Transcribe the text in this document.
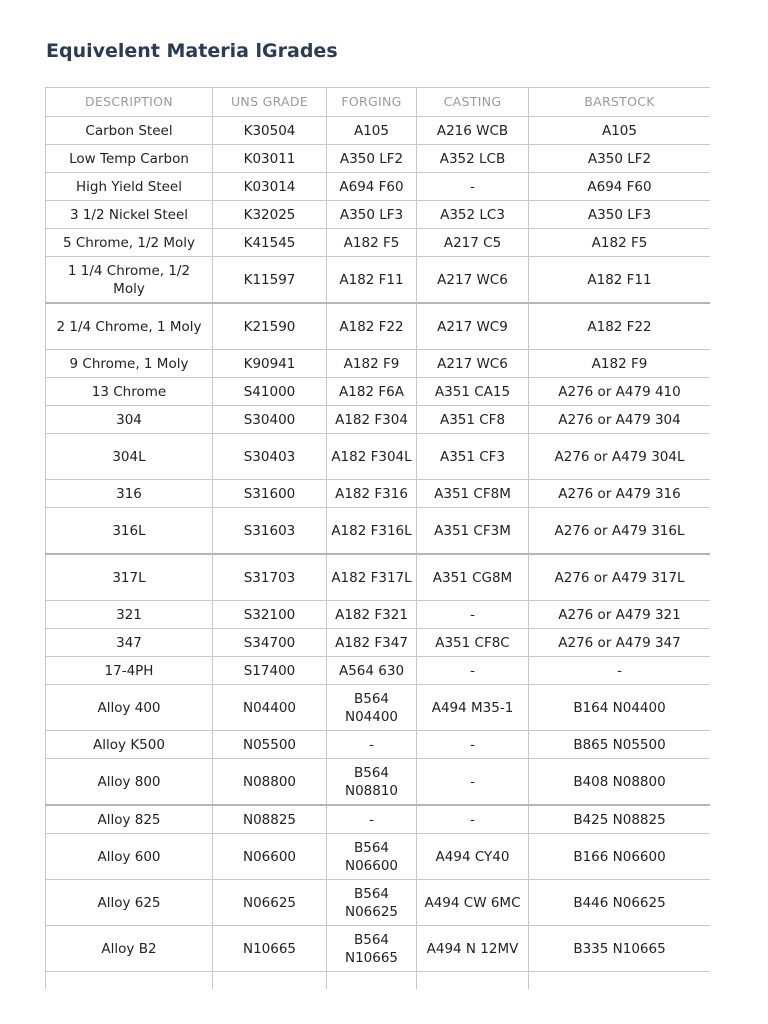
Equivelent Materia lGrades
DESCRIPTION	UNS GRADE	FORGING	CASTING	BARSTOCK
Carbon Steel	K30504	A105	A216 WCB	A105
Low Temp Carbon	K03011	A350 LF2	A352 LCB	A350 LF2
High Yield Steel	K03014	A694 F60	-	A694 F60
3 1/2 Nickel Steel	K32025	A350 LF3	A352 LC3	A350 LF3
5 Chrome, 1/2 Moly	K41545	A182 F5	A217 C5	A182 F5
1 1/4 Chrome, 1/2 Moly	K11597	A182 F11	A217 WC6	A182 F11
2 1/4 Chrome, 1 Moly	K21590	A182 F22	A217 WC9	A182 F22
9 Chrome, 1 Moly	K90941	A182 F9	A217 WC6	A182 F9
13 Chrome	S41000	A182 F6A	A351 CA15	A276 or A479 410
304	S30400	A182 F304	A351 CF8	A276 or A479 304
304L	S30403	A182 F304L	A351 CF3	A276 or A479 304L
316	S31600	A182 F316	A351 CF8M	A276 or A479 316
316L	S31603	A182 F316L	A351 CF3M	A276 or A479 316L
317L	S31703	A182 F317L	A351 CG8M	A276 or A479 317L
321	S32100	A182 F321	-	A276 or A479 321
347	S34700	A182 F347	A351 CF8C	A276 or A479 347
17-4PH	S17400	A564 630	-	-
Alloy 400	N04400	B564 N04400	A494 M35-1	B164 N04400
Alloy K500	N05500	-	-	B865 N05500
Alloy 800	N08800	B564 N08810	-	B408 N08800
Alloy 825	N08825	-	-	B425 N08825
Alloy 600	N06600	B564 N06600	A494 CY40	B166 N06600
Alloy 625	N06625	B564 N06625	A494 CW 6MC	B446 N06625
Alloy B2	N10665	B564 N10665	A494 N 12MV	B335 N10665
